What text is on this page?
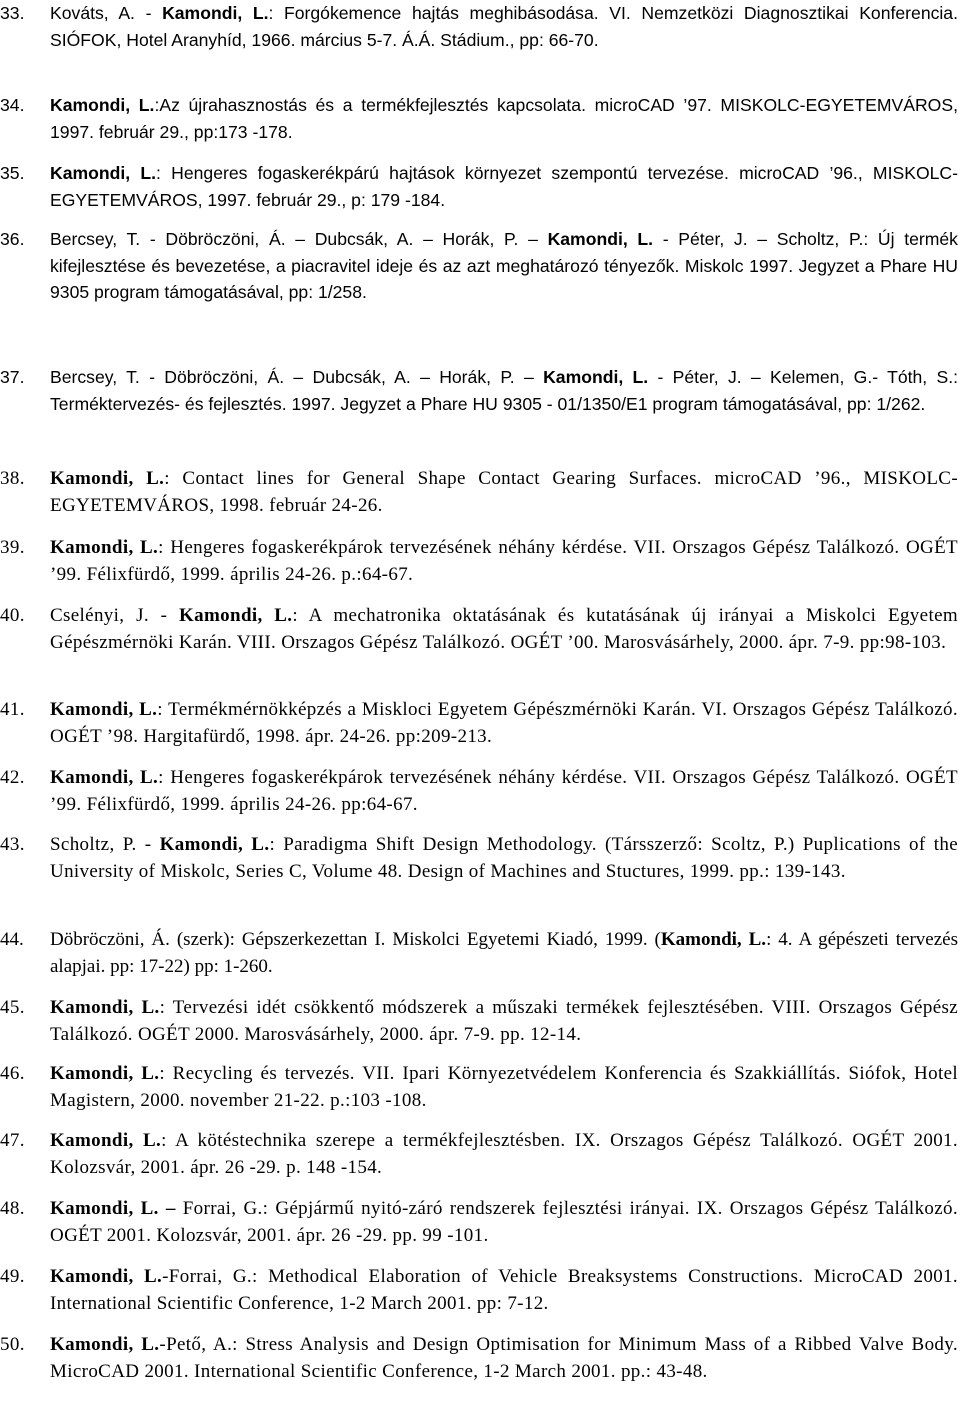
33.	Kováts, A. - Kamondi, L.: Forgókemence hajtás meghibásodása. VI. Nemzetközi Diagnosztikai Konferencia. SIÓFOK, Hotel Aranyhíd, 1966. március 5-7. Á.Á. Stádium., pp: 66-70.
34.	Kamondi, L.:Az újrahasznostás és a termékfejlesztés kapcsolata. microCAD ’97. MISKOLC-EGYETEMVÁROS, 1997. február 29., pp:173 -178.
35.	Kamondi, L.: Hengeres fogaskerékpárú hajtások környezet szempontú tervezése. microCAD ’96., MISKOLC-EGYETEMVÁROS, 1997. február 29., p: 179 -184.
36.	Bercsey, T. - Döbröczöni, Á. – Dubcsák, A. – Horák, P. – Kamondi, L. - Péter, J. – Scholtz, P.: Új termék kifejlesztése és bevezetése, a piacravitel ideje és az azt meghatározó tényezők. Miskolc 1997. Jegyzet a Phare HU 9305 program támogatásával, pp: 1/258.
37.	Bercsey, T. - Döbröczöni, Á. – Dubcsák, A. – Horák, P. – Kamondi, L. - Péter, J. – Kelemen, G.- Tóth, S.: Terméktervezés- és fejlesztés. 1997. Jegyzet a Phare HU 9305 - 01/1350/E1 program támogatásával, pp: 1/262.
38.	Kamondi, L.: Contact lines for General Shape Contact Gearing Surfaces. microCAD ’96., MISKOLC-EGYETEMVÁROS, 1998. február 24-26.
39.	Kamondi, L.: Hengeres fogaskerékpárok tervezésének néhány kérdése. VII. Orszagos Gépész Találkozó. OGÉT ’99. Félixfürdő, 1999. április 24-26. p.:64-67.
40.	Cselényi, J. - Kamondi, L.: A mechatronika oktatásának és kutatásának új irányai a Miskolci Egyetem Gépészmérnöki Karán. VIII. Orszagos Gépész Találkozó. OGÉT ’00. Marosvásárhely, 2000. ápr. 7-9. pp:98-103.
41.	Kamondi, L.: Termékmérnökképzés a Miskloci Egyetem Gépészmérnöki Karán. VI. Orszagos Gépész Találkozó. OGÉT ’98. Hargitafürdő, 1998. ápr. 24-26. pp:209-213.
42.	Kamondi, L.: Hengeres fogaskerékpárok tervezésének néhány kérdése. VII. Orszagos Gépész Találkozó. OGÉT ’99. Félixfürdő, 1999. április 24-26. pp:64-67.
43.	Scholtz, P. - Kamondi, L.: Paradigma Shift Design Methodology. (Társszerző: Scoltz, P.) Puplications of the University of Miskolc, Series C, Volume 48. Design of Machines and Stuctures, 1999. pp.: 139-143.
44.	Döbröczöni, Á. (szerk): Gépszerkezettan I. Miskolci Egyetemi Kiadó, 1999. (Kamondi, L.: 4. A gépészeti tervezés alapjai. pp: 17-22) pp: 1-260.
45.	Kamondi, L.: Tervezési idét csökkentő módszerek a műszaki termékek fejlesztésében. VIII. Orszagos Gépész Találkozó. OGÉT 2000. Marosvásárhely, 2000. ápr. 7-9. pp. 12-14.
46.	Kamondi, L.: Recycling és tervezés. VII. Ipari Környezetvédelem Konferencia és Szakkiállítás. Siófok, Hotel Magistern, 2000. november 21-22. p.:103 -108.
47.	Kamondi, L.: A kötéstechnika szerepe a termékfejlesztésben. IX. Orszagos Gépész Találkozó. OGÉT 2001. Kolozsvár, 2001. ápr. 26 -29. p. 148 -154.
48.	Kamondi, L. – Forrai, G.: Gépjármű nyitó-záró rendszerek fejlesztési irányai. IX. Orszagos Gépész Találkozó. OGÉT 2001. Kolozsvár, 2001. ápr. 26 -29. pp. 99 -101.
49.	Kamondi, L.-Forrai, G.: Methodical Elaboration of Vehicle Breaksystems Constructions. MicroCAD 2001. International Scientific Conference, 1-2 March 2001. pp: 7-12.
50.	Kamondi, L.-Pető, A.: Stress Analysis and Design Optimisation for Minimum Mass of a Ribbed Valve Body. MicroCAD 2001. International Scientific Conference, 1-2 March 2001. pp.: 43-48.
